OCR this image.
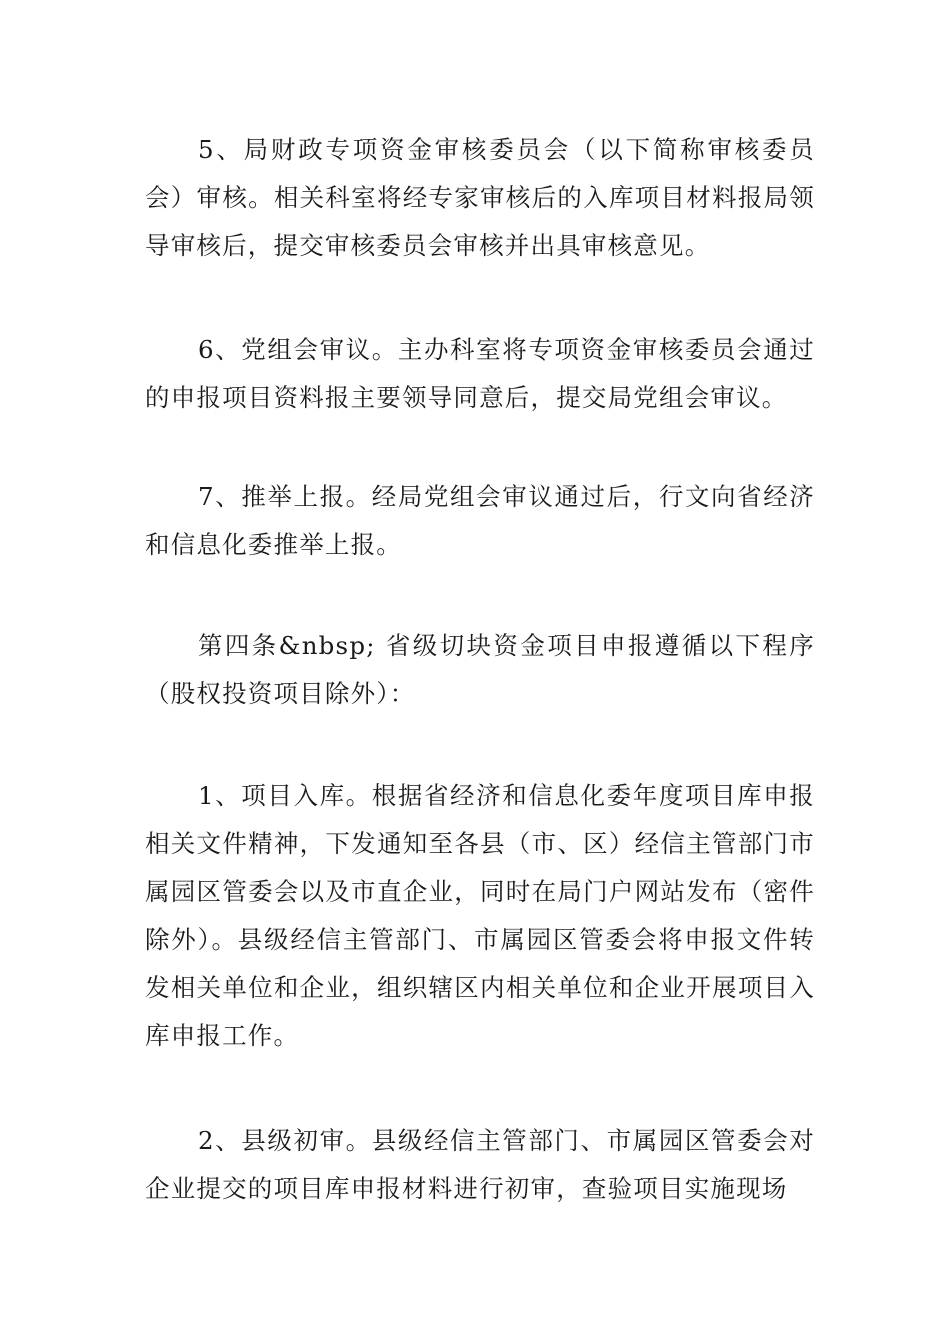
5、局财政专项资金审核委员会（以下简称审核委员会）审核。相关科室将经专家审核后的入库项目材料报局领导审核后，提交审核委员会审核并出具审核意见。

6、党组会审议。主办科室将专项资金审核委员会通过的申报项目资料报主要领导同意后，提交局党组会审议。

7、推举上报。经局党组会审议通过后，行文向省经济和信息化委推举上报。

第四条&nbsp; 省级切块资金项目申报遵循以下程序（股权投资项目除外）：

1、项目入库。根据省经济和信息化委年度项目库申报相关文件精神，下发通知至各县（市、区）经信主管部门市属园区管委会以及市直企业，同时在局门户网站发布（密件除外）。县级经信主管部门、市属园区管委会将申报文件转发相关单位和企业，组织辖区内相关单位和企业开展项目入库申报工作。

2、县级初审。县级经信主管部门、市属园区管委会对企业提交的项目库申报材料进行初审，查验项目实施现场
